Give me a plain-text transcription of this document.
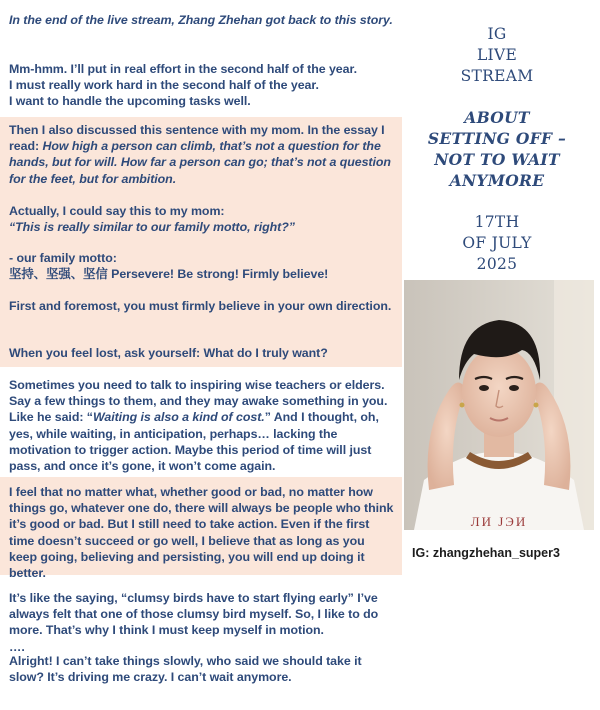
In the end of the live stream, Zhang Zhehan got back to this story.

Mm-hmm. I’ll put in real effort in the second half of the year.

I must really work hard in the second half of the year.

I want to handle the upcoming tasks well.

Then I also discussed this sentence with my mom. In the essay I read: How high a person can climb, that’s not a question for the hands, but for will. How far a person can go; that’s not a question for the feet, but for ambition.

Actually, I could say this to my mom:

“This is really similar to our family motto, right?”

- our family motto:

坚持、坚强、坚信 Persevere! Be strong! Firmly believe!

First and foremost, you must firmly believe in your own direction.

When you feel lost, ask yourself: What do I truly want?

Sometimes you need to talk to inspiring wise teachers or elders. Say a few things to them, and they may awake something in you. Like he said: “Waiting is also a kind of cost.” And I thought, oh, yes, while waiting, in anticipation, perhaps… lacking the motivation to trigger action. Maybe this period of time will just pass, and once it’s gone, it won’t come again.

I feel that no matter what, whether good or bad, no matter how things go, whatever one do, there will always be people who think it’s good or bad. But I still need to take action. Even if the first time doesn’t succeed or go well, I believe that as long as you keep going, believing and persisting, you will end up doing it better.

It’s like the saying, “clumsy birds have to start flying early” I’ve always felt that one of those clumsy bird myself. So, I like to do more. That’s why I think I must keep myself in motion.

….

Alright! I can’t take things slowly, who said we should take it slow? It’s driving me crazy. I can’t wait anymore.

IG

LIVE

STREAM

ABOUT

SETTING OFF –

NOT TO WAIT

ANYMORE

17TH

OF JULY

2025

ЛИ ЈЭИ
IG: zhangzhehan_super3
